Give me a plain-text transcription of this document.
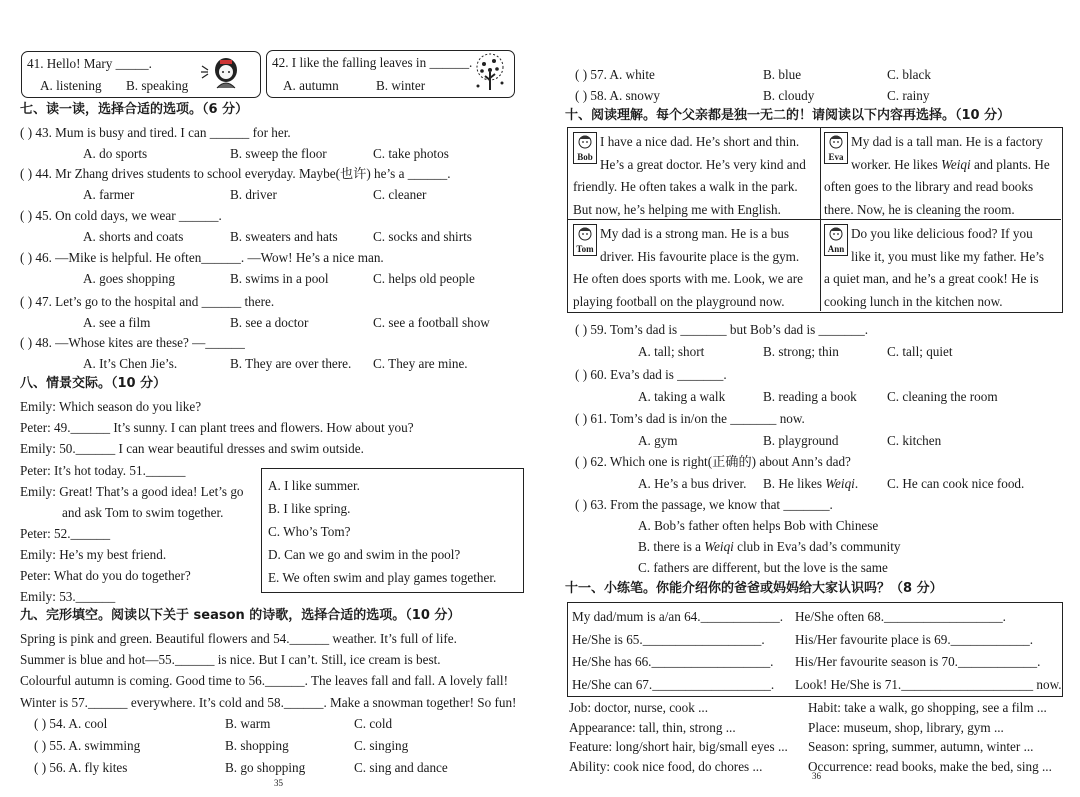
41. Hello! Mary _____.
A. listening B. speaking
42. I like the falling leaves in ______.
A. autumn	B. winter
七、读一读，选择合适的选项。（6 分）
( ) 43. Mum is busy and tired. I can ______ for her.
A. do sports	B. sweep the floor	C. take photos
( ) 44. Mr Zhang drives students to school everyday. Maybe(也许) he’s a ______.
A. farmer	B. driver	C. cleaner
( ) 45. On cold days, we wear ______.
A. shorts and coats	B. sweaters and hats	C. socks and shirts
( ) 46. —Mike is helpful. He often______. —Wow! He’s a nice man.
A. goes shopping	B. swims in a pool	C. helps old people
( ) 47. Let’s go to the hospital and ______ there.
A. see a film	B. see a doctor	C. see a football show
( ) 48. —Whose kites are these? —______
A. It’s Chen Jie’s.	B. They are over there. C. They are mine.
八、情景交际。（10 分）
Emily: Which season do you like?
Peter: 49.______ It’s sunny. I can plant trees and flowers. How about you?
Emily: 50.______ I can wear beautiful dresses and swim outside.
Peter: It’s hot today. 51.______
Emily: Great! That’s a good idea! Let’s go
and ask Tom to swim together.
Peter: 52.______
Emily: He’s my best friend.
Peter: What do you do together?
Emily: 53.______
A. I like summer.
B. I like spring.
C. Who’s Tom?
D. Can we go and swim in the pool?
E. We often swim and play games together.
九、完形填空。阅读以下关于 season 的诗歌，选择合适的选项。（10 分）
Spring is pink and green. Beautiful flowers and 54.______ weather. It’s full of life.
Summer is blue and hot—55.______ is nice. But I can’t. Still, ice cream is best.
Colourful autumn is coming. Good time to 56.______. The leaves fall and fall. A lovely fall!
Winter is 57.______ everywhere. It’s cold and 58.______. Make a snowman together! So fun!
( ) 54. A. cool	B. warm	C. cold
( ) 55. A. swimming	B. shopping	C. singing
( ) 56. A. fly kites	B. go shopping	C. sing and dance
35
( ) 57. A. white	B. blue	C. black
( ) 58. A. snowy	B. cloudy	C. rainy
十、阅读理解。每个父亲都是独一无二的！请阅读以下内容再选择。（10 分）
Bob
I have a nice dad. He’s short and thin.
He’s a great doctor. He’s very kind and
friendly. He often takes a walk in the park.
But now, he’s helping me with English.
Eva
My dad is a tall man. He is a factory
worker. He likes Weiqi and plants. He
often goes to the library and read books
there. Now, he is cleaning the room.
Tom
My dad is a strong man. He is a bus
driver. His favourite place is the gym.
He often does sports with me. Look, we are
playing football on the playground now.
Ann
Do you like delicious food? If you
like it, you must like my father. He’s
a quiet man, and he’s a great cook! He is
cooking lunch in the kitchen now.
( ) 59. Tom’s dad is _______ but Bob’s dad is _______.
A. tall; short	B. strong; thin	C. tall; quiet
( ) 60. Eva’s dad is _______.
A. taking a walk	B. reading a book C. cleaning the room
( ) 61. Tom’s dad is in/on the _______ now.
A. gym	B. playground	C. kitchen
( ) 62. Which one is right(正确的) about Ann’s dad?
A. He’s a bus driver. B. He likes Weiqi. C. He can cook nice food.
( ) 63. From the passage, we know that _______.
A. Bob’s father often helps Bob with Chinese
B. there is a Weiqi club in Eva’s dad’s community
C. fathers are different, but the love is the same
十一、小练笔。你能介绍你的爸爸或妈妈给大家认识吗？（8 分）
My dad/mum is a/an 64.____________.
He/She is 65.__________________.
He/She has 66.__________________.
He/She can 67.__________________.
He/She often 68.__________________.
His/Her favourite place is 69.____________.
His/Her favourite season is 70.____________.
Look! He/She is 71.____________________ now.
Job: doctor, nurse, cook ...
Appearance: tall, thin, strong ...
Feature: long/short hair, big/small eyes ...
Ability: cook nice food, do chores ...
Habit: take a walk, go shopping, see a film ...
Place: museum, shop, library, gym ...
Season: spring, summer, autumn, winter ...
Occurrence: read books, make the bed, sing ...
36
